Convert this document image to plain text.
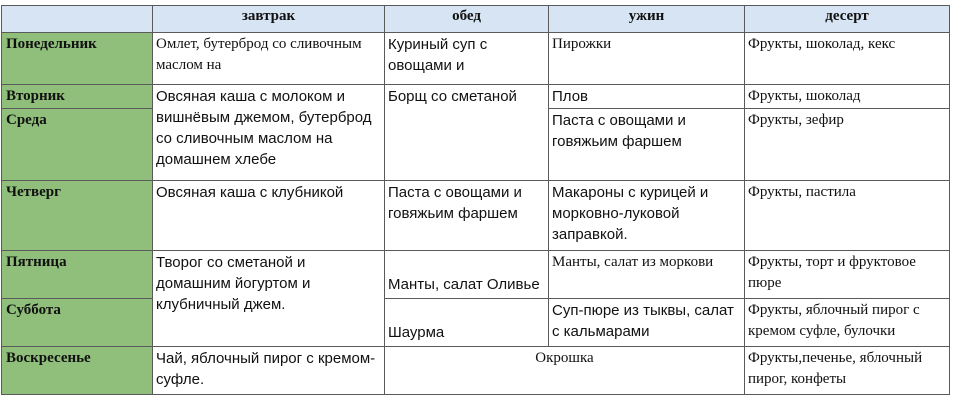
	завтрак	обед	ужин	десерт
Понедельник	Омлет, бутерброд со сливочным маслом на	Куриный суп с овощами и	Пирожки	Фрукты, шоколад, кекс
Вторник	Овсяная каша с молоком и вишнёвым джемом, бутерброд со сливочным маслом на домашнем хлебе	Борщ со сметаной	Плов	Фрукты, шоколад
Среда			Паста с овощами и говяжьим фаршем	Фрукты, зефир
Четверг	Овсяная каша с клубникой	Паста с овощами и говяжьим фаршем	Макароны с курицей и морковно-луковой заправкой.	Фрукты, пастила
Пятница	Творог со сметаной и домашним йогуртом и клубничный джем.	Манты, салат Оливье	Манты, салат из моркови	Фрукты, торт и фруктовое пюре
Суббота		Шаурма	Суп-пюре из тыквы, салат с кальмарами	Фрукты, яблочный пирог с кремом суфле, булочки
Воскресенье	Чай, яблочный пирог с кремом-суфле.	Окрошка		Фрукты,печенье, яблочный пирог, конфеты
